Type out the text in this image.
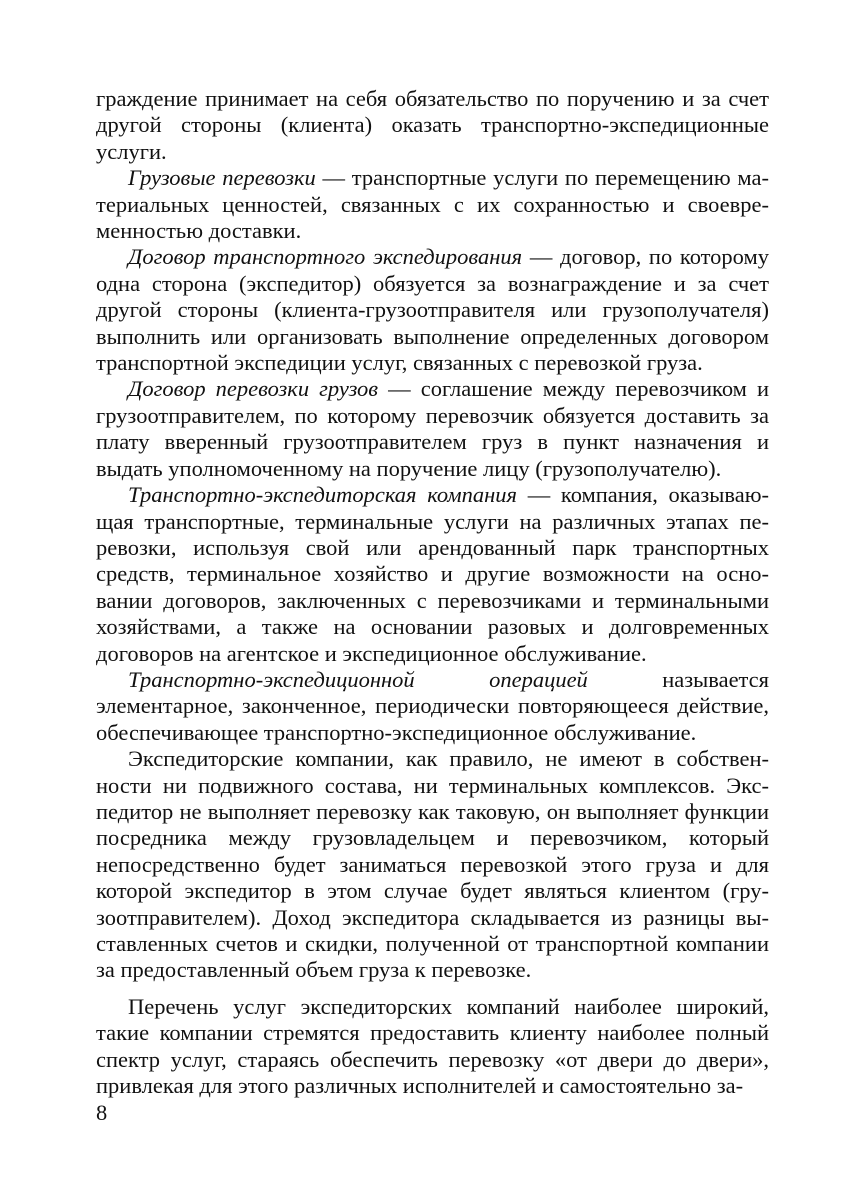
граждение принимает на себя обязательство по поручению и за счет другой стороны (клиента) оказать транспортно-экспедиционные услуги.

Грузовые перевозки — транспортные услуги по перемещению материальных ценностей, связанных с их сохранностью и своевременностью доставки.

Договор транспортного экспедирования — договор, по которому одна сторона (экспедитор) обязуется за вознаграждение и за счет другой стороны (клиента-грузоотправителя или грузополучателя) выполнить или организовать выполнение определенных договором транспортной экспедиции услуг, связанных с перевозкой груза.

Договор перевозки грузов — соглашение между перевозчиком и грузоотправителем, по которому перевозчик обязуется доставить за плату вверенный грузоотправителем груз в пункт назначения и выдать уполномоченному на поручение лицу (грузополучателю).

Транспортно-экспедиторская компания — компания, оказывающая транспортные, терминальные услуги на различных этапах перевозки, используя свой или арендованный парк транспортных средств, терминальное хозяйство и другие возможности на основании договоров, заключенных с перевозчиками и терминальными хозяйствами, а также на основании разовых и долговременных договоров на агентское и экспедиционное обслуживание.

Транспортно-экспедиционной операцией называется элементарное, законченное, периодически повторяющееся действие, обеспечивающее транспортно-экспедиционное обслуживание.

Экспедиторские компании, как правило, не имеют в собственности ни подвижного состава, ни терминальных комплексов. Экспедитор не выполняет перевозку как таковую, он выполняет функции посредника между грузовладельцем и перевозчиком, который непосредственно будет заниматься перевозкой этого груза и для которой экспедитор в этом случае будет являться клиентом (грузоотправителем). Доход экспедитора складывается из разницы выставленных счетов и скидки, полученной от транспортной компании за предоставленный объем груза к перевозке.

Перечень услуг экспедиторских компаний наиболее широкий, такие компании стремятся предоставить клиенту наиболее полный спектр услуг, стараясь обеспечить перевозку «от двери до двери», привлекая для этого различных исполнителей и самостоятельно за-

8
